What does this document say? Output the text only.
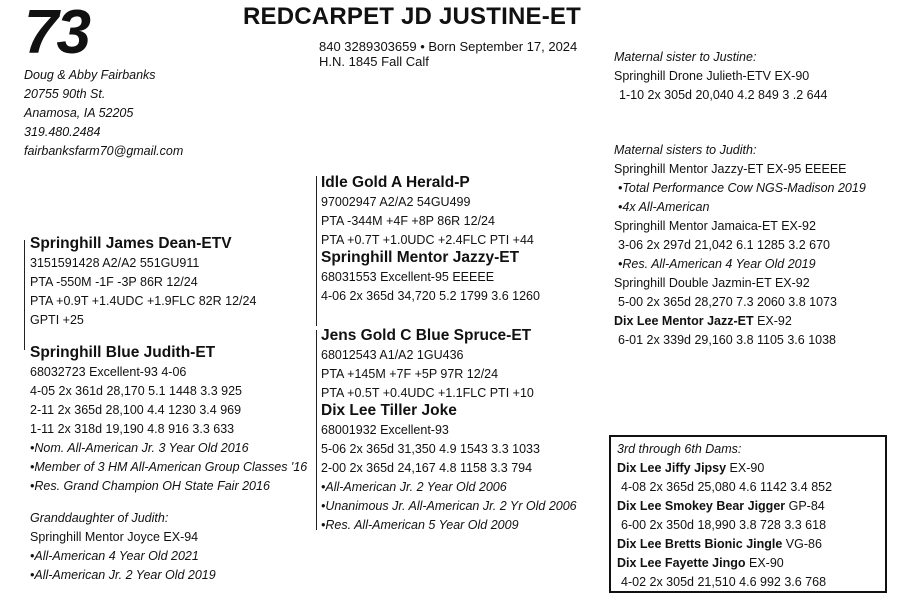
73	REDCARPET JD JUSTINE-ET
840 3289303659 • Born September 17, 2024
H.N. 1845 Fall Calf
Doug & Abby Fairbanks
20755 90th St.
Anamosa, IA 52205
319.480.2484
fairbanksfarm70@gmail.com
Springhill James Dean-ETV
3151591428 A2/A2 551GU911
PTA -550M -1F -3P 86R 12/24
PTA +0.9T +1.4UDC +1.9FLC 82R 12/24
GPTI +25
Springhill Blue Judith-ET
68032723 Excellent-93 4-06
4-05 2x 361d 28,170 5.1 1448 3.3 925
2-11 2x 365d 28,100 4.4 1230 3.4 969
1-11 2x 318d 19,190 4.8 916 3.3 633
•Nom. All-American Jr. 3 Year Old 2016
•Member of 3 HM All-American Group Classes '16
•Res. Grand Champion OH State Fair 2016
Granddaughter of Judith:
Springhill Mentor Joyce EX-94
•All-American 4 Year Old 2021
•All-American Jr. 2 Year Old 2019
Idle Gold A Herald-P
97002947 A2/A2 54GU499
PTA -344M +4F +8P 86R 12/24
PTA +0.7T +1.0UDC +2.4FLC PTI +44
Springhill Mentor Jazzy-ET
68031553 Excellent-95 EEEEE
4-06 2x 365d 34,720 5.2 1799 3.6 1260
Jens Gold C Blue Spruce-ET
68012543 A1/A2 1GU436
PTA +145M +7F +5P 97R 12/24
PTA +0.5T +0.4UDC +1.1FLC PTI +10
Dix Lee Tiller Joke
68001932 Excellent-93
5-06 2x 365d 31,350 4.9 1543 3.3 1033
2-00 2x 365d 24,167 4.8 1158 3.3 794
•All-American Jr. 2 Year Old 2006
•Unanimous Jr. All-American Jr. 2 Yr Old 2006
•Res. All-American 5 Year Old 2009
Maternal sister to Justine:
Springhill Drone Julieth-ETV EX-90
1-10 2x 305d 20,040 4.2 849 3 .2 644
Maternal sisters to Judith:
Springhill Mentor Jazzy-ET EX-95 EEEEE
•Total Performance Cow NGS-Madison 2019
•4x All-American
Springhill Mentor Jamaica-ET EX-92
3-06 2x 297d 21,042 6.1 1285 3.2 670
•Res. All-American 4 Year Old 2019
Springhill Double Jazmin-ET EX-92
5-00 2x 365d 28,270 7.3 2060 3.8 1073
Dix Lee Mentor Jazz-ET EX-92
6-01 2x 339d 29,160 3.8 1105 3.6 1038
3rd through 6th Dams:
Dix Lee Jiffy Jipsy EX-90
4-08 2x 365d 25,080 4.6 1142 3.4 852
Dix Lee Smokey Bear Jigger GP-84
6-00 2x 350d 18,990 3.8 728 3.3 618
Dix Lee Bretts Bionic Jingle VG-86
Dix Lee Fayette Jingo EX-90
4-02 2x 305d 21,510 4.6 992 3.6 768
